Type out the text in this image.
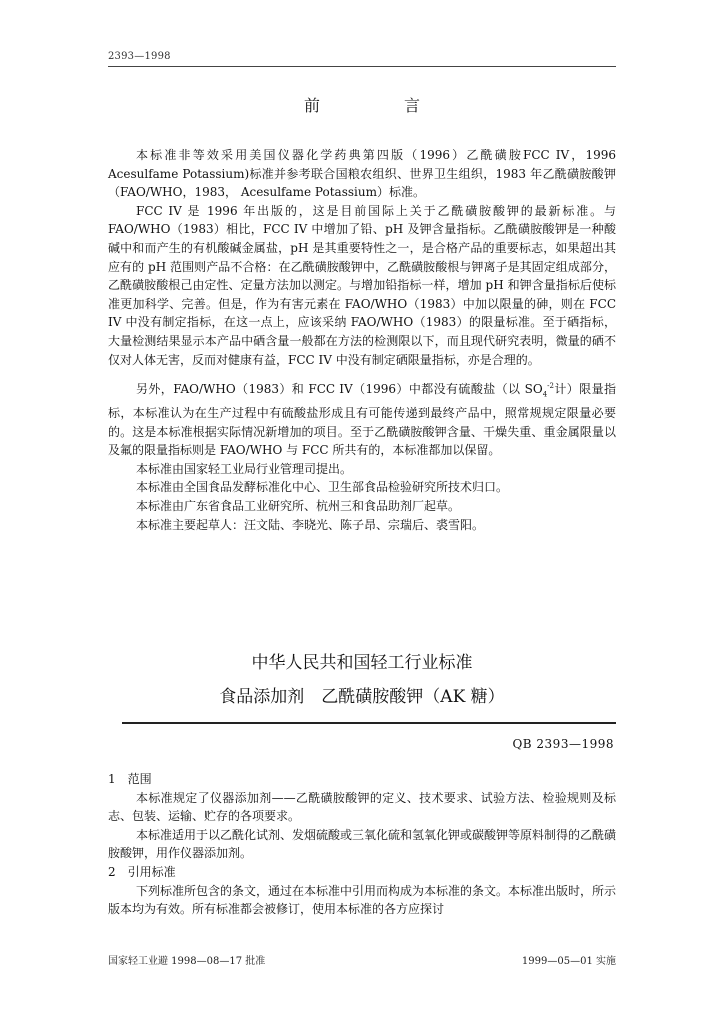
2393—1998
前　言

本标准非等效采用美国仪器化学药典第四版（1996）乙酰磺胺FCC IV，1996 Acesulfame Potassium)标准并参考联合国粮农组织、世界卫生组织，1983 年乙酰磺胺酸钾（FAO/WHO，1983， Acesulfame Potassium）标准。

FCC IV 是 1996 年出版的，这是目前国际上关于乙酰磺胺酸钾的最新标准。与 FAO/WHO（1983）相比，FCC IV 中增加了铅、pH 及钾含量指标。乙酰磺胺酸钾是一种酸碱中和而产生的有机酸碱金属盐，pH 是其重要特性之一，是合格产品的重要标志，如果超出其应有的 pH 范围则产品不合格：在乙酰磺胺酸钾中，乙酰磺胺酸根与钾离子是其固定组成部分，乙酰磺胺酸根己由定性、定量方法加以测定。与增加铅指标一样，增加 pH 和钾含量指标后使标准更加科学、完善。但是，作为有害元素在 FAO/WHO（1983）中加以限量的砷，则在 FCC IV 中没有制定指标，在这一点上，应该采纳 FAO/WHO（1983）的限量标准。至于硒指标，大量检测结果显示本产品中硒含量一般都在方法的检测限以下，而且现代研究表明，微量的硒不仅对人体无害，反而对健康有益，FCC IV 中没有制定硒限量指标，亦是合理的。

另外，FAO/WHO（1983）和 FCC IV（1996）中都没有硫酸盐（以 $SO_4^{-2}$计）限量指标，本标准认为在生产过程中有硫酸盐形成且有可能传递到最终产品中，照常规规定限量必要的。这是本标准根据实际情况新增加的项目。至于乙酰磺胺酸钾含量、干燥失重、重金属限量以及氟的限量指标则是 FAO/WHO 与 FCC 所共有的，本标准都加以保留。

本标准由国家轻工业局行业管理司提出。

本标准由全国食品发酵标准化中心、卫生部食品检验研究所技术归口。

本标准由广东省食品工业研究所、杭州三和食品助剂厂起草。

本标准主要起草人：汪文陆、李晓光、陈子昂、宗瑞后、裘雪阳。

中华人民共和国轻工行业标准
食品添加剂　乙酰磺胺酸钾（AK 糖）
QB 2393—1998

1　范围

本标准规定了仪器添加剂——乙酰磺胺酸钾的定义、技术要求、试验方法、检验规则及标志、包装、运输、贮存的各项要求。

本标准适用于以乙酰化试剂、发烟硫酸或三氧化硫和氢氧化钾或碳酸钾等原料制得的乙酰磺胺酸钾，用作仪器添加剂。

2　引用标准

下列标准所包含的条文，通过在本标准中引用而构成为本标准的条文。本标准出版时，所示版本均为有效。所有标准都会被修订，使用本标准的各方应探讨

国家轻工业避 1998—08—17 批准	1999—05—01 实施
